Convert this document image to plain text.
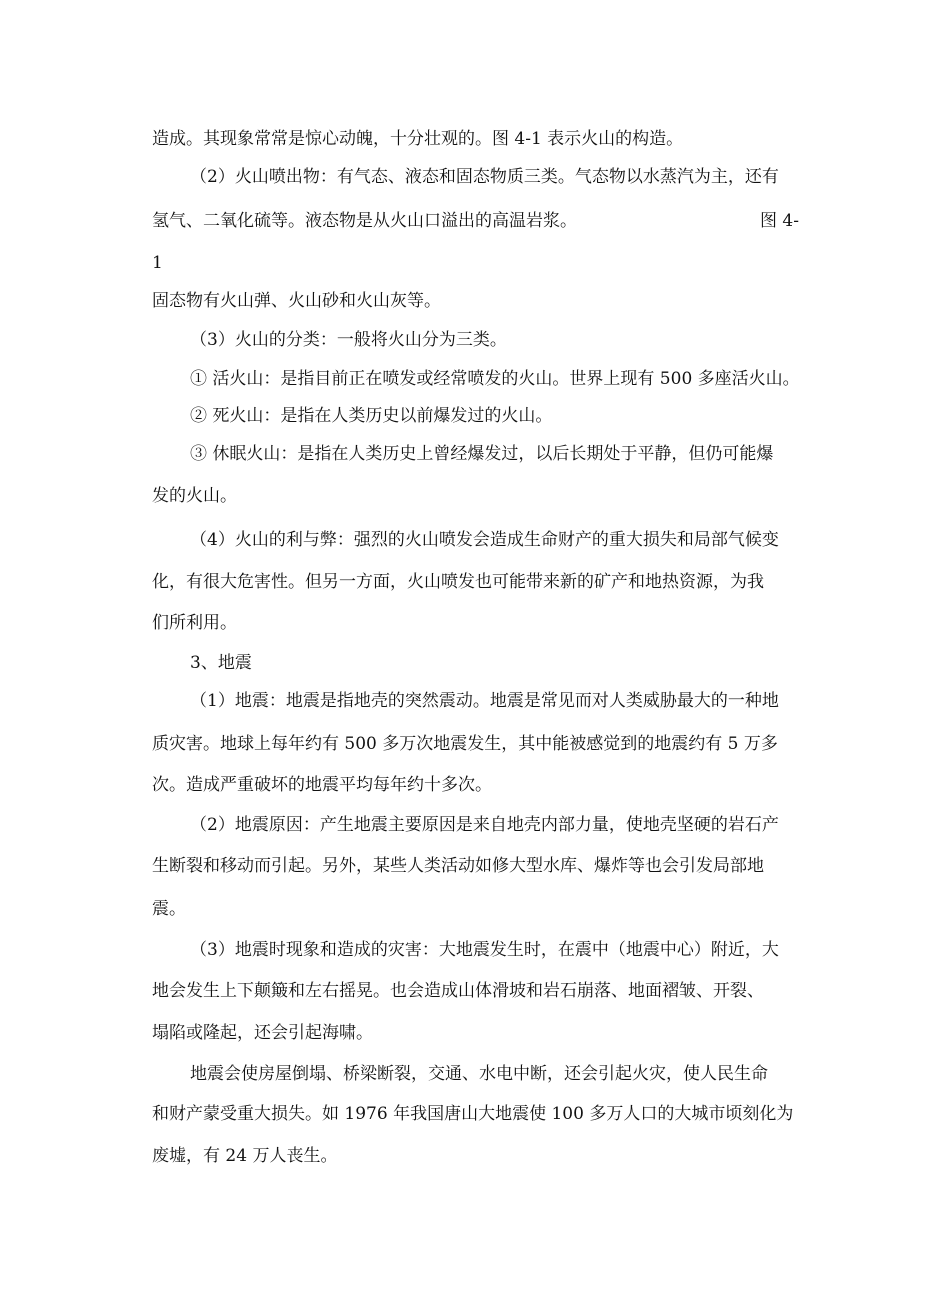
造成。其现象常常是惊心动魄，十分壮观的。图 4-1 表示火山的构造。
（2）火山喷出物：有气态、液态和固态物质三类。气态物以水蒸汽为主，还有
氢气、二氧化硫等。液态物是从火山口溢出的高温岩浆。	图 4-
1
固态物有火山弹、火山砂和火山灰等。
（3）火山的分类：一般将火山分为三类。
① 活火山：是指目前正在喷发或经常喷发的火山。世界上现有 500 多座活火山。
② 死火山：是指在人类历史以前爆发过的火山。
③ 休眠火山：是指在人类历史上曾经爆发过，以后长期处于平静，但仍可能爆
发的火山。
（4）火山的利与弊：强烈的火山喷发会造成生命财产的重大损失和局部气候变
化，有很大危害性。但另一方面，火山喷发也可能带来新的矿产和地热资源，为我
们所利用。
3、地震
（1）地震：地震是指地壳的突然震动。地震是常见而对人类威胁最大的一种地
质灾害。地球上每年约有 500 多万次地震发生，其中能被感觉到的地震约有 5 万多
次。造成严重破坏的地震平均每年约十多次。
（2）地震原因：产生地震主要原因是来自地壳内部力量，使地壳坚硬的岩石产
生断裂和移动而引起。另外，某些人类活动如修大型水库、爆炸等也会引发局部地
震。
（3）地震时现象和造成的灾害：大地震发生时，在震中（地震中心）附近，大
地会发生上下颠簸和左右摇晃。也会造成山体滑坡和岩石崩落、地面褶皱、开裂、
塌陷或隆起，还会引起海啸。
地震会使房屋倒塌、桥梁断裂，交通、水电中断，还会引起火灾，使人民生命
和财产蒙受重大损失。如 1976 年我国唐山大地震使 100 多万人口的大城市顷刻化为
废墟，有 24 万人丧生。
